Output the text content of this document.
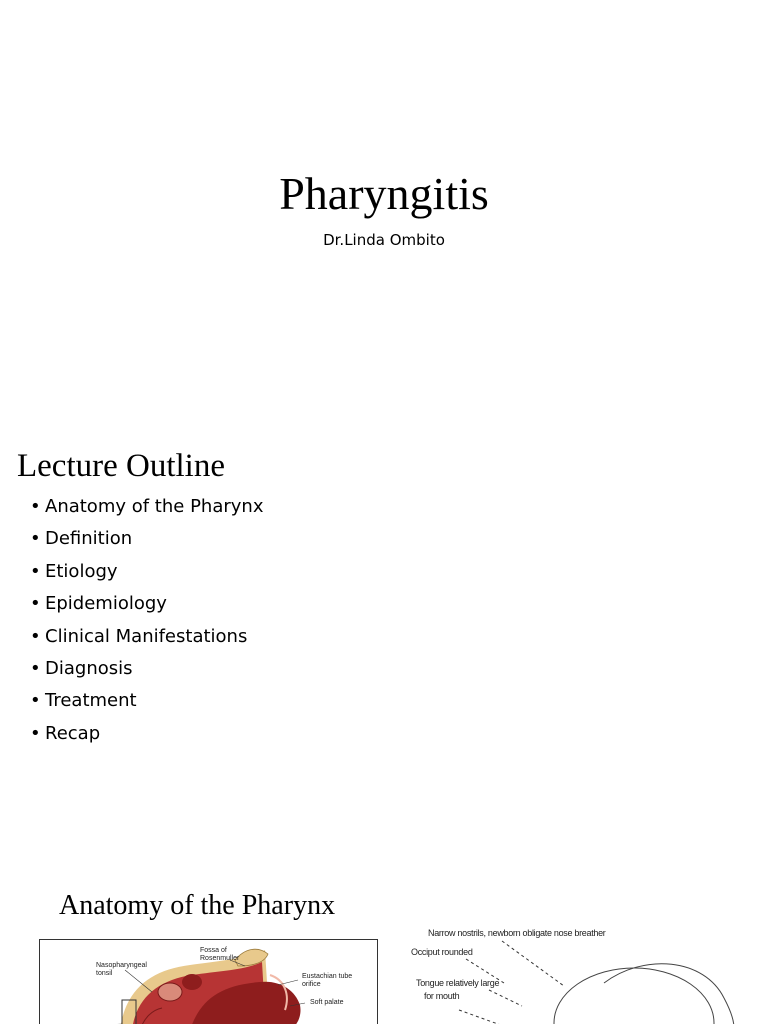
Pharyngitis
Dr.Linda Ombito
Lecture Outline
• Anatomy of the Pharynx
• Definition
• Etiology
• Epidemiology
• Clinical Manifestations
• Diagnosis
• Treatment
• Recap
Anatomy of the Pharynx
Fossa of Rosenmuller
Nasopharyngeal tonsil	Eustachian tube orifice
Soft palate
Narrow nostrils, newborn obligate nose breather
Occiput rounded
Tongue relatively large
for mouth
